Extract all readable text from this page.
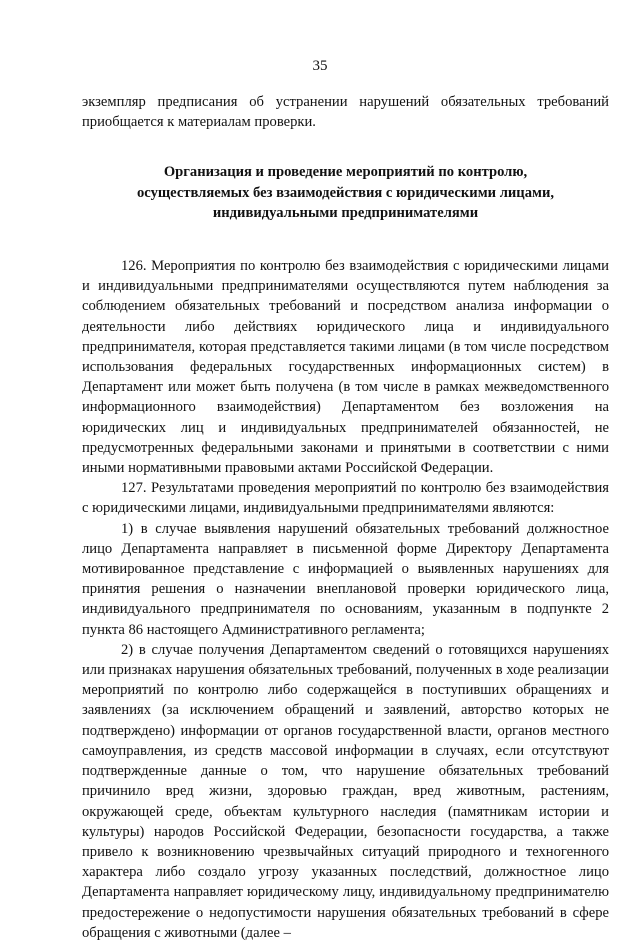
35

экземпляр предписания об устранении нарушений обязательных требований приобщается к материалам проверки.

Организация и проведение мероприятий по контролю,
осуществляемых без взаимодействия с юридическими лицами,
индивидуальными предпринимателями

126. Мероприятия по контролю без взаимодействия с юридическими лицами и индивидуальными предпринимателями осуществляются путем наблюдения за соблюдением обязательных требований и посредством анализа информации о деятельности либо действиях юридического лица и индивидуального предпринимателя, которая представляется такими лицами (в том числе посредством использования федеральных государственных информационных систем) в Департамент или может быть получена (в том числе в рамках межведомственного информационного взаимодействия) Департаментом без возложения на юридических лиц и индивидуальных предпринимателей обязанностей, не предусмотренных федеральными законами и принятыми в соответствии с ними иными нормативными правовыми актами Российской Федерации.

127. Результатами проведения мероприятий по контролю без взаимодействия с юридическими лицами, индивидуальными предпринимателями являются:

1) в случае выявления нарушений обязательных требований должностное лицо Департамента направляет в письменной форме Директору Департамента мотивированное представление с информацией о выявленных нарушениях для принятия решения о назначении внеплановой проверки юридического лица, индивидуального предпринимателя по основаниям, указанным в подпункте 2 пункта 86 настоящего Административного регламента;

2) в случае получения Департаментом сведений о готовящихся нарушениях или признаках нарушения обязательных требований, полученных в ходе реализации мероприятий по контролю либо содержащейся в поступивших обращениях и заявлениях (за исключением обращений и заявлений, авторство которых не подтверждено) информации от органов государственной власти, органов местного самоуправления, из средств массовой информации в случаях, если отсутствуют подтвержденные данные о том, что нарушение обязательных требований причинило вред жизни, здоровью граждан, вред животным, растениям, окружающей среде, объектам культурного наследия (памятникам истории и культуры) народов Российской Федерации, безопасности государства, а также привело к возникновению чрезвычайных ситуаций природного и техногенного характера либо создало угрозу указанных последствий, должностное лицо Департамента направляет юридическому лицу, индивидуальному предпринимателю предостережение о недопустимости нарушения обязательных требований в сфере обращения с животными (далее –
